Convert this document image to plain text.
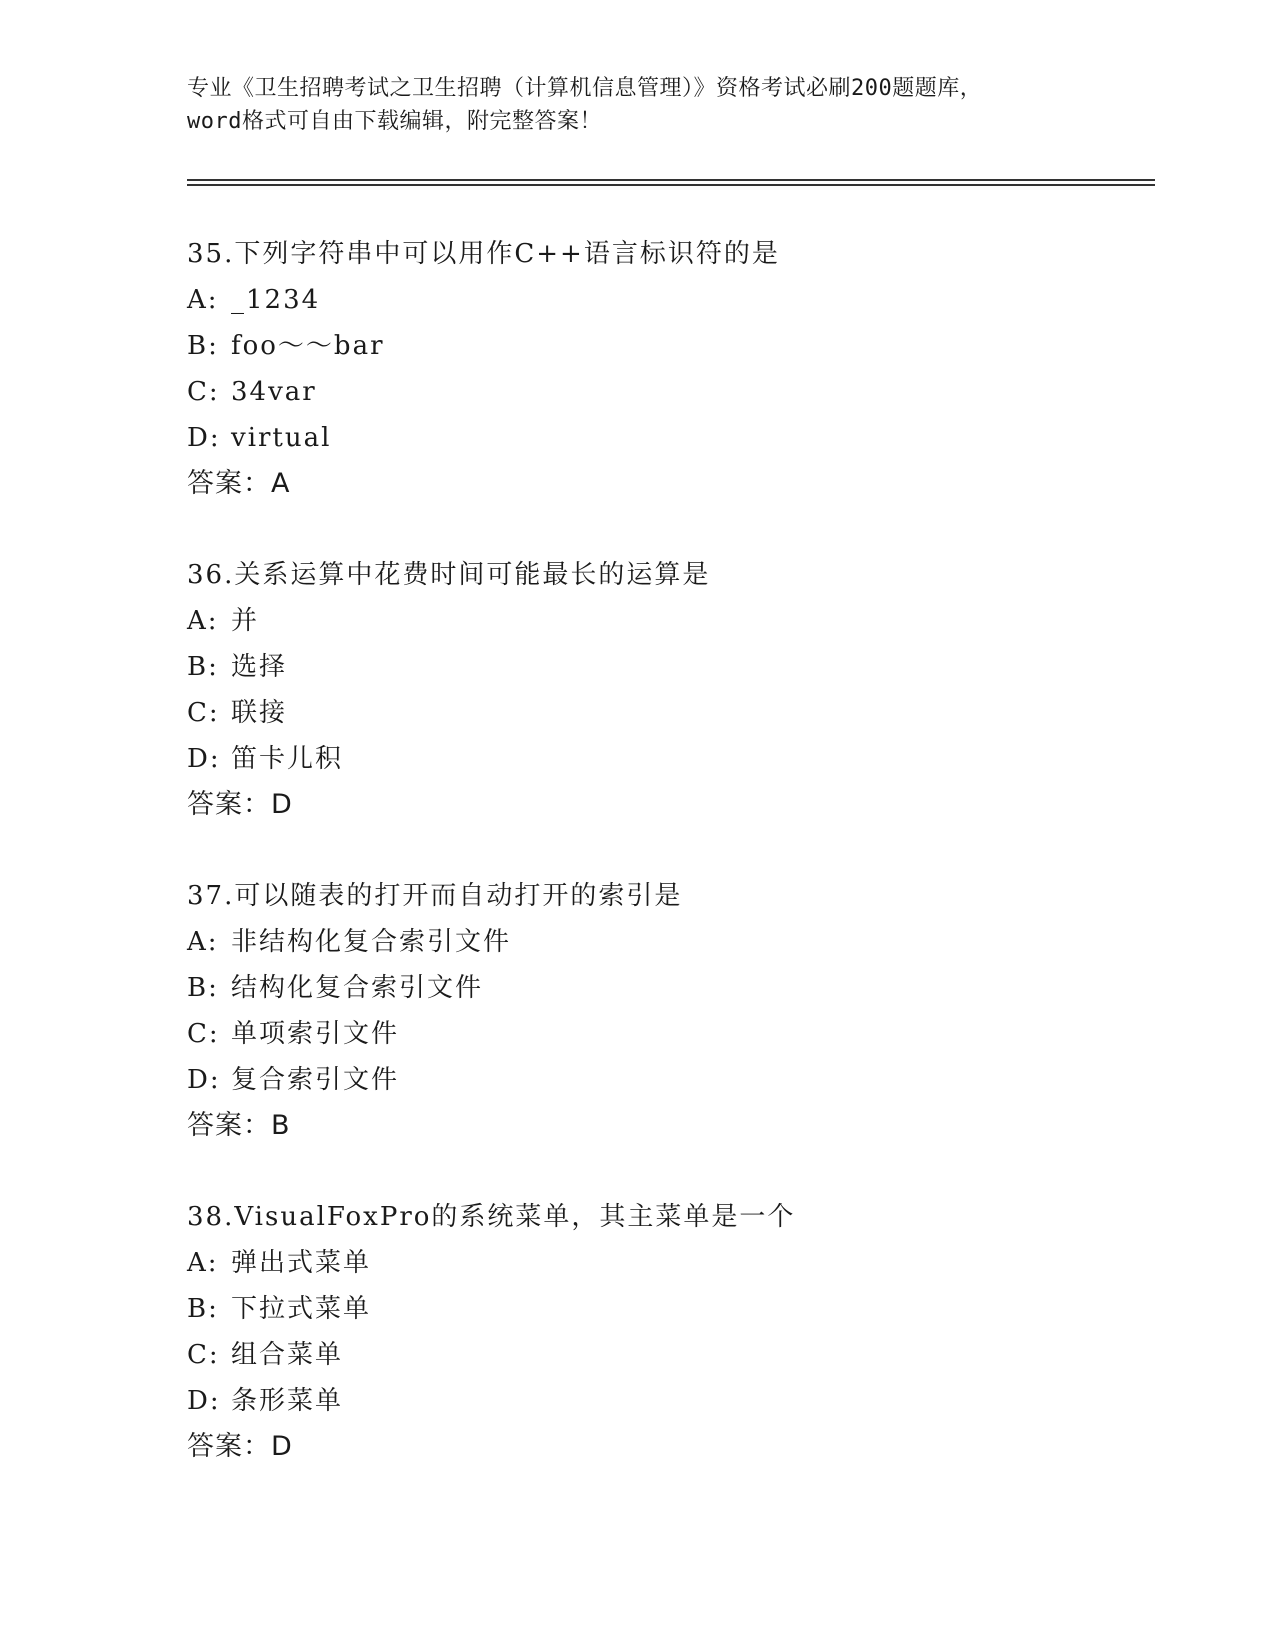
专业《卫生招聘考试之卫生招聘（计算机信息管理）》资格考试必刷200题题库，
word格式可自由下载编辑，附完整答案！
35.下列字符串中可以用作C++语言标识符的是
A: _1234
B: foo～～bar
C: 34var
D: virtual
答案：A
36.关系运算中花费时间可能最长的运算是
A: 并
B: 选择
C: 联接
D: 笛卡儿积
答案：D
37.可以随表的打开而自动打开的索引是
A: 非结构化复合索引文件
B: 结构化复合索引文件
C: 单项索引文件
D: 复合索引文件
答案：B
38.VisualFoxPro的系统菜单，其主菜单是一个
A: 弹出式菜单
B: 下拉式菜单
C: 组合菜单
D: 条形菜单
答案：D
